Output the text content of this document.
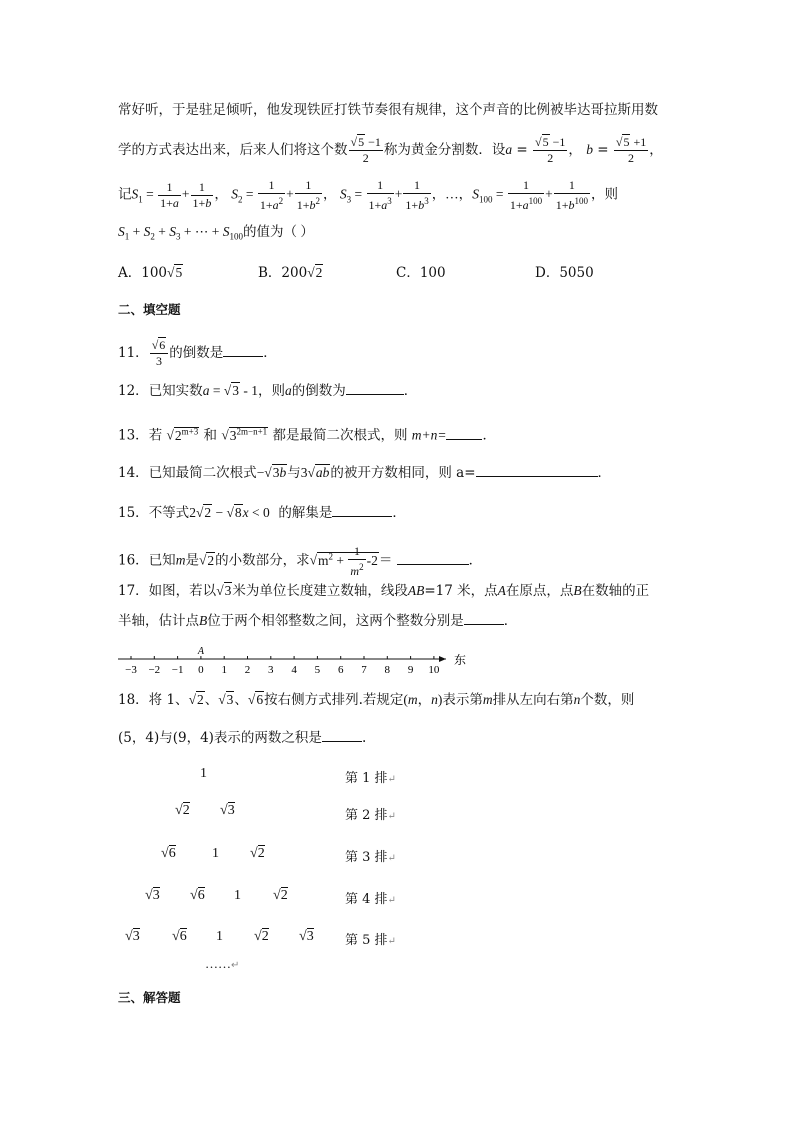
常好听，于是驻足倾听，他发现铁匠打铁节奏很有规律，这个声音的比例被毕达哥拉斯用数
学的方式表达出来，后来人们将这个数 $\frac{√5 -1}{2}$ 称为黄金分割数．设$a = \frac{√5 -1}{2}$ ， $b = \frac{√5 +1}{2}$ ，
记$S_1 = \frac{1}{1+a} + \frac{1}{1+b}$ ， $S_2 = \frac{1}{1+a^2} + \frac{1}{1+b^2}$ ， $S_3 = \frac{1}{1+a^3} + \frac{1}{1+b^3}$ ，…，$S_{100} = \frac{1}{1+a^{100}} + \frac{1}{1+b^{100}}$ ，则
$S_1 + S_2 + S_3$ + ⋯ + $S_{100}$的值为（ ）
A．100√5	B．200√2	C．100	D．5050
二、填空题
11． $\frac{√6}{3}$ 的倒数是	．
12．已知实数a = √3 - 1，则a的倒数为	．
13．若 $√2^{m+3}$ 和 $√3^{2m-n+1}$ 都是最简二次根式，则 m+n=	．
14．已知最简二次根式−√3b与3√ab的被开方数相同，则 a=	．
15．不等式2√2 − √8x < 0 的解集是	．
16．已知m是√2的小数部分，求$√m^2 + \frac{1}{m^2} -2=$	．
17．如图，若以√3米为单位长度建立数轴，线段AB=17 米，点A在原点，点B在数轴的正
半轴，估计点B位于两个相邻整数之间，这两个整数分别是	．
−3 −2 −1 0
A
1 2 3 4 5 6 7 8 9 10
东
18．将 1、√2、√3、√6按右侧方式排列.若规定(m，n)表示第m排从左向右第n个数，则
(5，4)与(9，4)表示的两数之积是	.
1
√2 √3
√6	1 √2
√3 √6 1 √2
√3 √6 1 √2 √3
……↵
第 1 排↵
第 2 排↵
第 3 排↵
第 4 排↵
第 5 排↵
三、解答题
